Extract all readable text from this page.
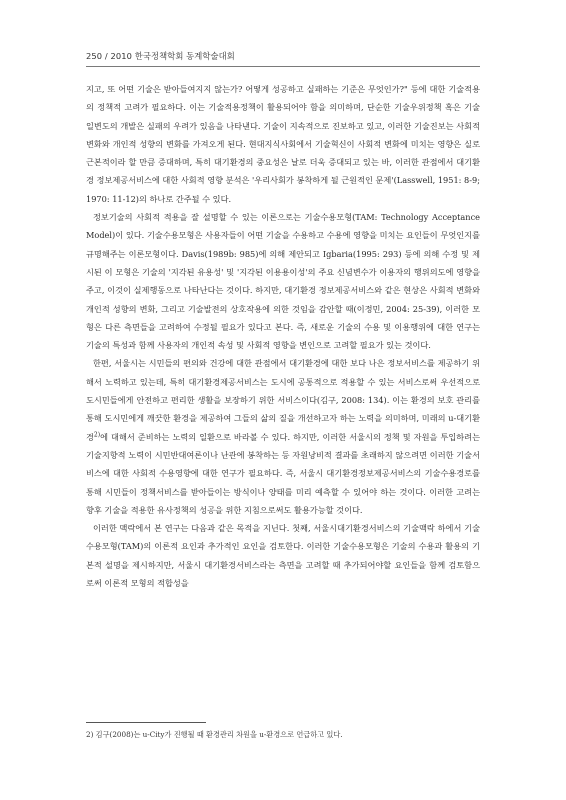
250 / 2010 한국정책학회 동계학술대회

지고, 또 어떤 기술은 받아들여지지 않는가? 어떻게 성공하고 실패하는 기준은 무엇인가?" 등에 대한 기술적용의 정책적 고려가 필요하다. 이는 기술적용정책이 활용되어야 함을 의미하며, 단순한 기술우위정책 혹은 기술 일변도의 개발은 실패의 우려가 있음을 나타낸다. 기술이 지속적으로 진보하고 있고, 이러한 기술진보는 사회적 변화와 개인적 성향의 변화를 가져오게 된다. 현대지식사회에서 기술혁신이 사회적 변화에 미치는 영향은 실로 근본적이라 할 만큼 증대하며, 특히 대기환경의 중요성은 날로 더욱 증대되고 있는 바, 이러한 관점에서 대기환경 정보제공서비스에 대한 사회적 영향 분석은 '우리사회가 봉착하게 될 근원적인 문제'(Lasswell, 1951: 8-9; 1970: 11-12)의 하나로 간주될 수 있다.

정보기술의 사회적 적용을 잘 설명할 수 있는 이론으로는 기술수용모형(TAM: Technology Acceptance Model)이 있다. 기술수용모형은 사용자들이 어떤 기술을 수용하고 수용에 영향을 미치는 요인들이 무엇인지를 규명해주는 이론모형이다. Davis(1989b: 985)에 의해 제안되고 Igbaria(1995: 293) 등에 의해 수정 및 제시된 이 모형은 기술의 '지각된 유용성' 및 '지각된 이용용이성'의 주요 신념변수가 이용자의 행위의도에 영향을 주고, 이것이 실제행동으로 나타난다는 것이다. 하지만, 대기환경 정보제공서비스와 같은 현상은 사회적 변화와 개인적 성향의 변화, 그리고 기술발전의 상호작용에 의한 것임을 감안할 때(이정민, 2004: 25-39), 이러한 모형은 다른 측면들을 고려하여 수정될 필요가 있다고 본다. 즉, 새로운 기술의 수용 및 이용행위에 대한 연구는 기술의 특성과 함께 사용자의 개인적 속성 및 사회적 영향을 변인으로 고려할 필요가 있는 것이다.

한편, 서울시는 시민들의 편의와 건강에 대한 관점에서 대기환경에 대한 보다 나은 정보서비스를 제공하기 위해서 노력하고 있는데, 특히 대기환경제공서비스는 도시에 공통적으로 적용할 수 있는 서비스로써 우선적으로 도시민들에게 안전하고 편리한 생활을 보장하기 위한 서비스이다(김구, 2008: 134). 이는 환경의 보호 관리를 통해 도시민에게 깨끗한 환경을 제공하여 그들의 삶의 질을 개선하고자 하는 노력을 의미하며, 미래의 u-대기환경$^{2)}$에 대해서 준비하는 노력의 일환으로 바라볼 수 있다. 하지만, 이러한 서울시의 정책 및 자원을 투입하려는 기술지향적 노력이 시민반대여론이나 난관에 봉착하는 등 자원낭비적 결과를 초래하지 않으려면 이러한 기술서비스에 대한 사회적 수용영향에 대한 연구가 필요하다. 즉, 서울시 대기환경정보제공서비스의 기술수용경로를 통해 시민들이 정책서비스를 받아들이는 방식이나 양태를 미리 예측할 수 있어야 하는 것이다. 이러한 고려는 향후 기술을 적용한 유사정책의 성공을 위한 지침으로써도 활용가능할 것이다.

이러한 맥락에서 본 연구는 다음과 같은 목적을 지닌다. 첫째, 서울시대기환경서비스의 기술맥락 하에서 기술수용모형(TAM)의 이론적 요인과 추가적인 요인을 검토한다. 이러한 기술수용모형은 기술의 수용과 활용의 기본적 설명을 제시하지만, 서울시 대기환경서비스라는 측면을 고려할 때 추가되어야할 요인들을 함께 검토함으로써 이론적 모형의 적합성을

2) 김구(2008)는 u-City가 진행될 때 환경관리 차원을 u-환경으로 언급하고 있다.
